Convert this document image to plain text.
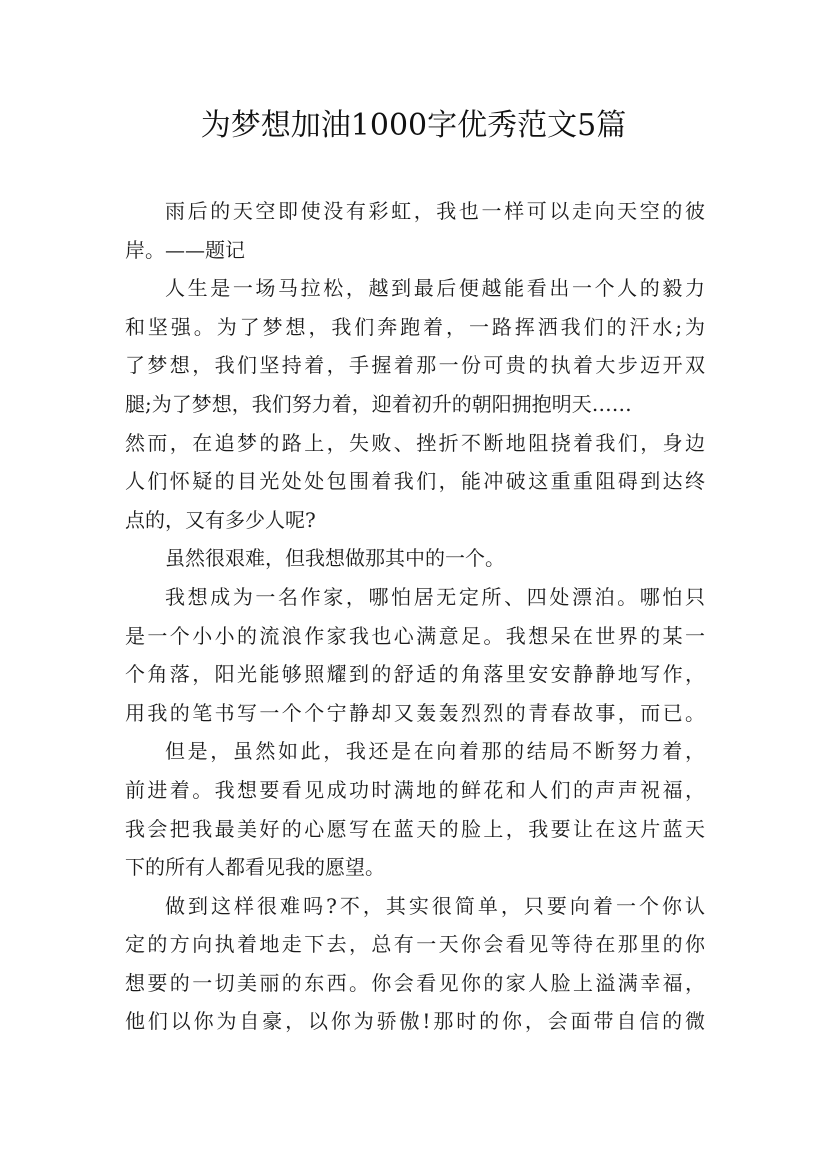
为梦想加油1000字优秀范文5篇
雨后的天空即使没有彩虹，我也一样可以走向天空的彼
岸。——题记
人生是一场马拉松，越到最后便越能看出一个人的毅力
和坚强。为了梦想，我们奔跑着，一路挥洒我们的汗水;为
了梦想，我们坚持着，手握着那一份可贵的执着大步迈开双
腿;为了梦想，我们努力着，迎着初升的朝阳拥抱明天……
然而，在追梦的路上，失败、挫折不断地阻挠着我们，身边
人们怀疑的目光处处包围着我们，能冲破这重重阻碍到达终
点的，又有多少人呢?
虽然很艰难，但我想做那其中的一个。
我想成为一名作家，哪怕居无定所、四处漂泊。哪怕只
是一个小小的流浪作家我也心满意足。我想呆在世界的某一
个角落，阳光能够照耀到的舒适的角落里安安静静地写作，
用我的笔书写一个个宁静却又轰轰烈烈的青春故事，而已。
但是，虽然如此，我还是在向着那的结局不断努力着，
前进着。我想要看见成功时满地的鲜花和人们的声声祝福，
我会把我最美好的心愿写在蓝天的脸上，我要让在这片蓝天
下的所有人都看见我的愿望。
做到这样很难吗?不，其实很简单，只要向着一个你认
定的方向执着地走下去，总有一天你会看见等待在那里的你
想要的一切美丽的东西。你会看见你的家人脸上溢满幸福，
他们以你为自豪，以你为骄傲!那时的你，会面带自信的微
